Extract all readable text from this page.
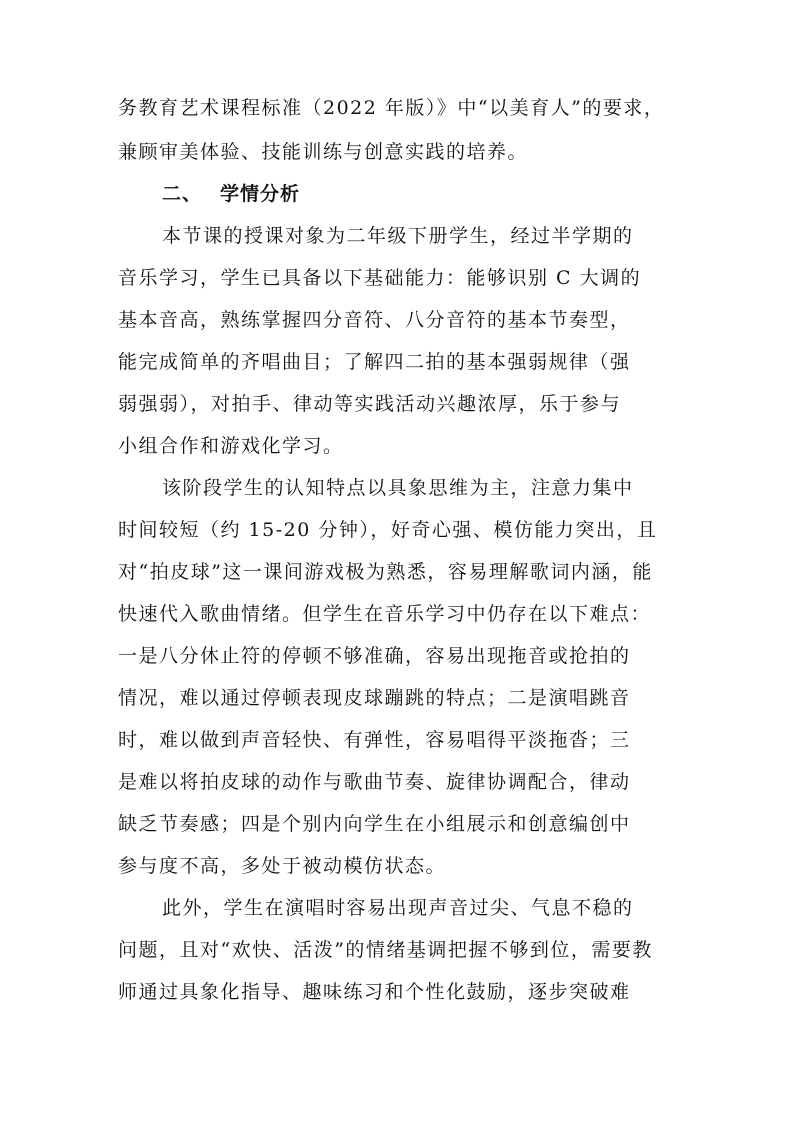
务教育艺术课程标准（2022 年版）》中“以美育人”的要求，
兼顾审美体验、技能训练与创意实践的培养。
二、 学情分析
本节课的授课对象为二年级下册学生，经过半学期的
音乐学习，学生已具备以下基础能力：能够识别 C 大调的
基本音高，熟练掌握四分音符、八分音符的基本节奏型，
能完成简单的齐唱曲目；了解四二拍的基本强弱规律（强
弱强弱），对拍手、律动等实践活动兴趣浓厚，乐于参与
小组合作和游戏化学习。
该阶段学生的认知特点以具象思维为主，注意力集中
时间较短（约 15-20 分钟），好奇心强、模仿能力突出，且
对“拍皮球”这一课间游戏极为熟悉，容易理解歌词内涵，能
快速代入歌曲情绪。但学生在音乐学习中仍存在以下难点：
一是八分休止符的停顿不够准确，容易出现拖音或抢拍的
情况，难以通过停顿表现皮球蹦跳的特点；二是演唱跳音
时，难以做到声音轻快、有弹性，容易唱得平淡拖沓；三
是难以将拍皮球的动作与歌曲节奏、旋律协调配合，律动
缺乏节奏感；四是个别内向学生在小组展示和创意编创中
参与度不高，多处于被动模仿状态。
此外，学生在演唱时容易出现声音过尖、气息不稳的
问题，且对“欢快、活泼”的情绪基调把握不够到位，需要教
师通过具象化指导、趣味练习和个性化鼓励，逐步突破难
